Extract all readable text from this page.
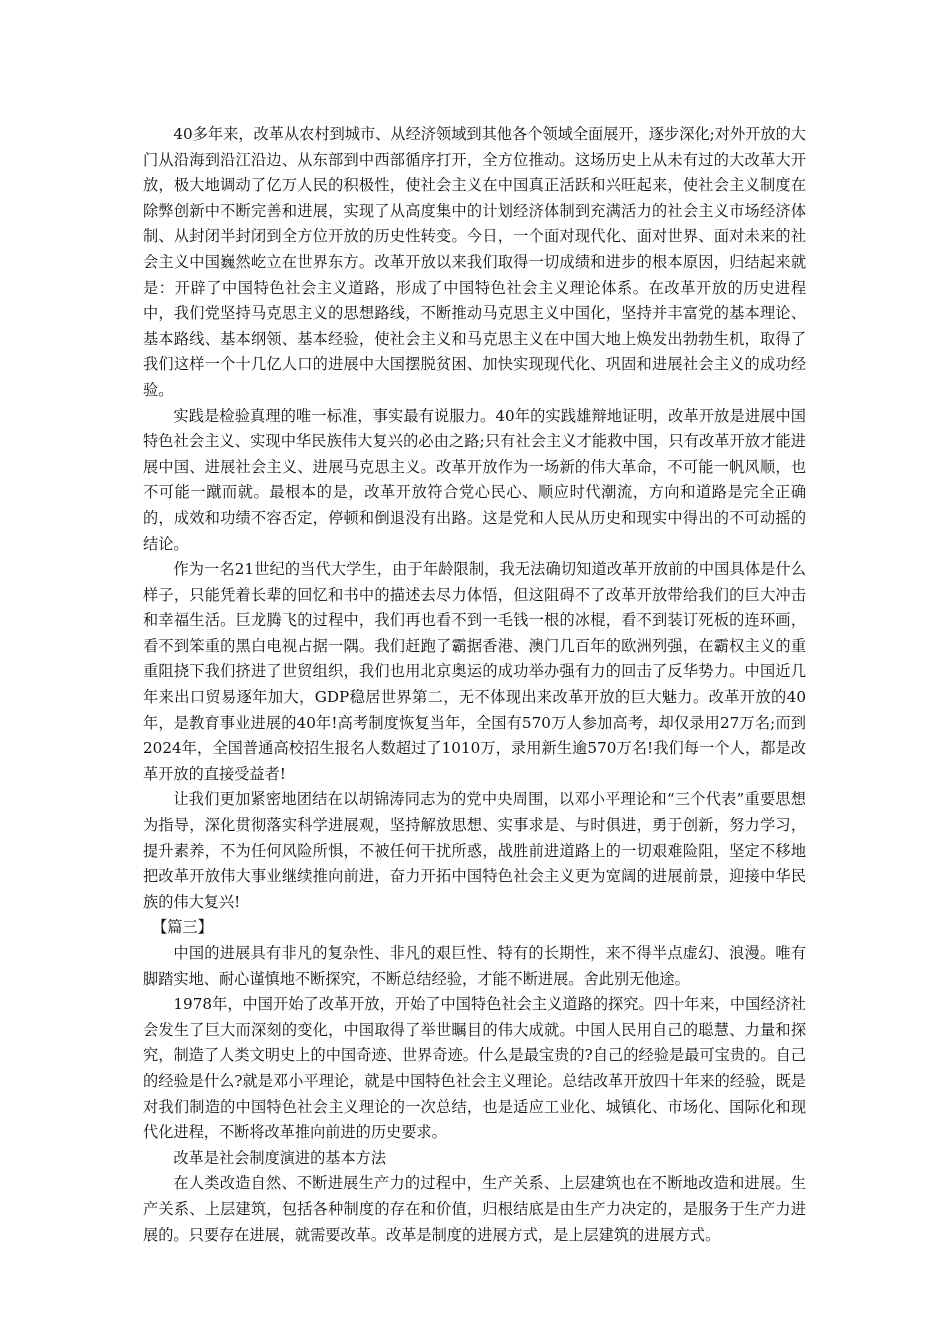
40多年来，改革从农村到城市、从经济领域到其他各个领域全面展开，逐步深化;对外开放的大门从沿海到沿江沿边、从东部到中西部循序打开，全方位推动。这场历史上从未有过的大改革大开放，极大地调动了亿万人民的积极性，使社会主义在中国真正活跃和兴旺起来，使社会主义制度在除弊创新中不断完善和进展，实现了从高度集中的计划经济体制到充满活力的社会主义市场经济体制、从封闭半封闭到全方位开放的历史性转变。今日，一个面对现代化、面对世界、面对未来的社会主义中国巍然屹立在世界东方。改革开放以来我们取得一切成绩和进步的根本原因，归结起来就是：开辟了中国特色社会主义道路，形成了中国特色社会主义理论体系。在改革开放的历史进程中，我们党坚持马克思主义的思想路线，不断推动马克思主义中国化，坚持并丰富党的基本理论、基本路线、基本纲领、基本经验，使社会主义和马克思主义在中国大地上焕发出勃勃生机，取得了我们这样一个十几亿人口的进展中大国摆脱贫困、加快实现现代化、巩固和进展社会主义的成功经验。

实践是检验真理的唯一标准，事实最有说服力。40年的实践雄辩地证明，改革开放是进展中国特色社会主义、实现中华民族伟大复兴的必由之路;只有社会主义才能救中国，只有改革开放才能进展中国、进展社会主义、进展马克思主义。改革开放作为一场新的伟大革命，不可能一帆风顺，也不可能一蹴而就。最根本的是，改革开放符合党心民心、顺应时代潮流，方向和道路是完全正确的，成效和功绩不容否定，停顿和倒退没有出路。这是党和人民从历史和现实中得出的不可动摇的结论。

作为一名21世纪的当代大学生，由于年龄限制，我无法确切知道改革开放前的中国具体是什么样子，只能凭着长辈的回忆和书中的描述去尽力体悟，但这阻碍不了改革开放带给我们的巨大冲击和幸福生活。巨龙腾飞的过程中，我们再也看不到一毛钱一根的冰棍，看不到装订死板的连环画，看不到笨重的黑白电视占据一隅。我们赶跑了霸据香港、澳门几百年的欧洲列强，在霸权主义的重重阻挠下我们挤进了世贸组织，我们也用北京奥运的成功举办强有力的回击了反华势力。中国近几年来出口贸易逐年加大，GDP稳居世界第二，无不体现出来改革开放的巨大魅力。改革开放的40年，是教育事业进展的40年!高考制度恢复当年，全国有570万人参加高考，却仅录用27万名;而到2024年，全国普通高校招生报名人数超过了1010万，录用新生逾570万名!我们每一个人，都是改革开放的直接受益者!

让我们更加紧密地团结在以胡锦涛同志为的党中央周围，以邓小平理论和“三个代表”重要思想为指导，深化贯彻落实科学进展观，坚持解放思想、实事求是、与时俱进，勇于创新，努力学习，提升素养，不为任何风险所惧，不被任何干扰所惑，战胜前进道路上的一切艰难险阻，坚定不移地把改革开放伟大事业继续推向前进，奋力开拓中国特色社会主义更为宽阔的进展前景，迎接中华民族的伟大复兴!

【篇三】

中国的进展具有非凡的复杂性、非凡的艰巨性、特有的长期性，来不得半点虚幻、浪漫。唯有脚踏实地、耐心谨慎地不断探究，不断总结经验，才能不断进展。舍此别无他途。

1978年，中国开始了改革开放，开始了中国特色社会主义道路的探究。四十年来，中国经济社会发生了巨大而深刻的变化，中国取得了举世瞩目的伟大成就。中国人民用自己的聪慧、力量和探究，制造了人类文明史上的中国奇迹、世界奇迹。什么是最宝贵的?自己的经验是最可宝贵的。自己的经验是什么?就是邓小平理论，就是中国特色社会主义理论。总结改革开放四十年来的经验，既是对我们制造的中国特色社会主义理论的一次总结，也是适应工业化、城镇化、市场化、国际化和现代化进程，不断将改革推向前进的历史要求。

改革是社会制度演进的基本方法

在人类改造自然、不断进展生产力的过程中，生产关系、上层建筑也在不断地改造和进展。生产关系、上层建筑，包括各种制度的存在和价值，归根结底是由生产力决定的，是服务于生产力进展的。只要存在进展，就需要改革。改革是制度的进展方式，是上层建筑的进展方式。
